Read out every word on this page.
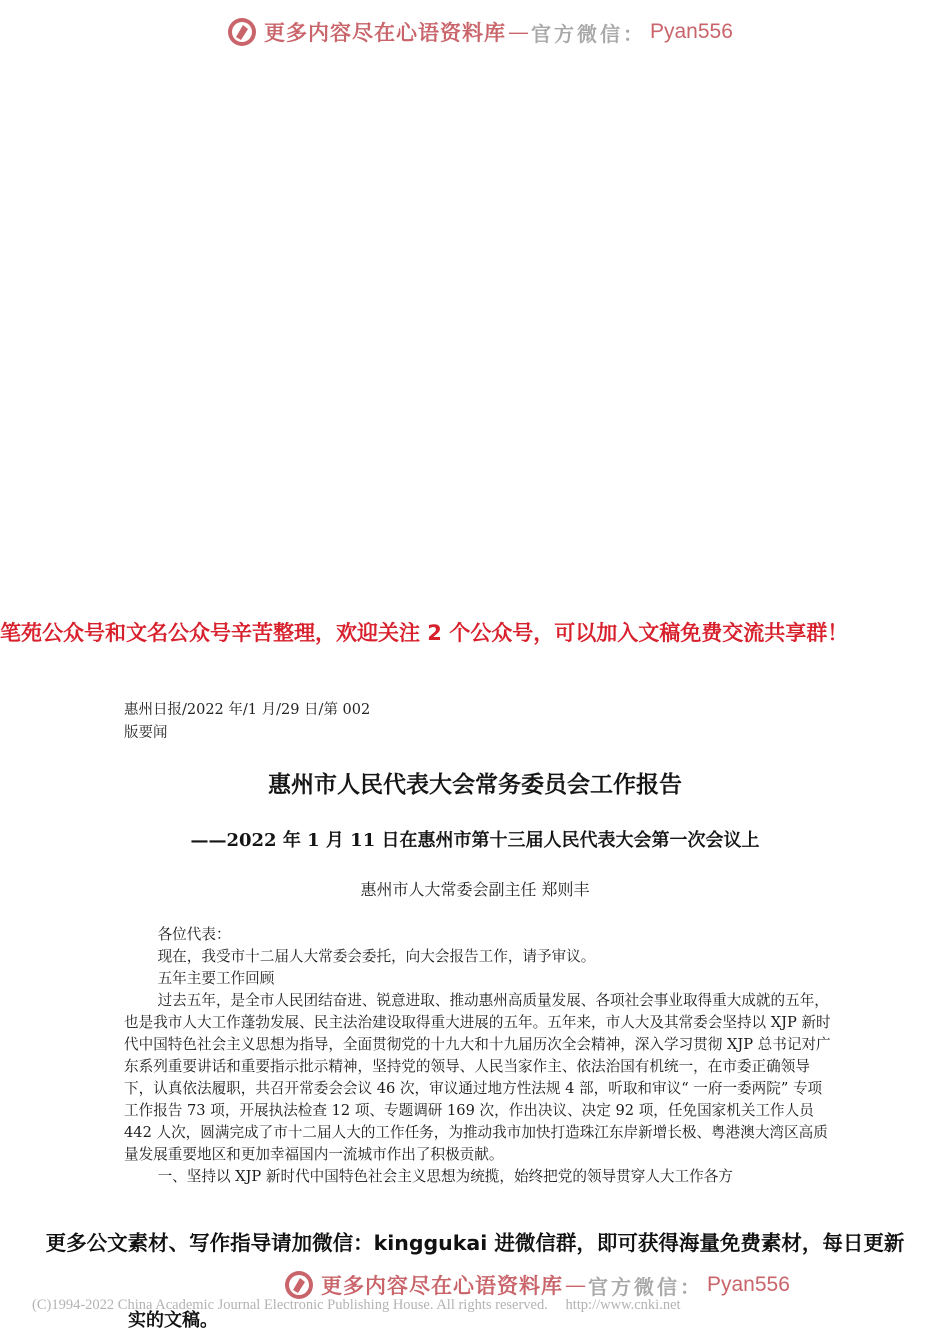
更多内容尽在心语资料库 — 官方微信： Pyan556
笔苑公众号和文名公众号辛苦整理，欢迎关注 2 个公众号，可以加入文稿免费交流共享群！
惠州日报/2022 年/1 月/29 日/第 002
版要闻
惠州市人民代表大会常务委员会工作报告
——2022 年 1 月 11 日在惠州市第十三届人民代表大会第一次会议上
惠州市人大常委会副主任 郑则丰

各位代表：

现在，我受市十二届人大常委会委托，向大会报告工作，请予审议。

五年主要工作回顾

过去五年，是全市人民团结奋进、锐意进取、推动惠州高质量发展、各项社会事业取得重大成就的五年，也是我市人大工作蓬勃发展、民主法治建设取得重大进展的五年。五年来，市人大及其常委会坚持以 XJP 新时代中国特色社会主义思想为指导，全面贯彻党的十九大和十九届历次全会精神，深入学习贯彻 XJP 总书记对广东系列重要讲话和重要指示批示精神，坚持党的领导、人民当家作主、依法治国有机统一，在市委正确领导下，认真依法履职，共召开常委会会议 46 次，审议通过地方性法规 4 部，听取和审议“ 一府一委两院” 专项工作报告 73 项，开展执法检查 12 项、专题调研 169 次，作出决议、决定 92 项，任免国家机关工作人员 442 人次，圆满完成了市十二届人大的工作任务，为推动我市加快打造珠江东岸新增长极、粤港澳大湾区高质量发展重要地区和更加幸福国内一流城市作出了积极贡献。

一、坚持以 XJP 新时代中国特色社会主义思想为统揽，始终把党的领导贯穿人大工作各方

更多公文素材、写作指导请加微信：kinggukai 进微信群，即可获得海量免费素材，每日更新
实的文稿。
更多内容尽在心语资料库 — 官方微信： Pyan556
(C)1994-2022 China Academic Journal Electronic Publishing House. All rights reserved. http://www.cnki.net
